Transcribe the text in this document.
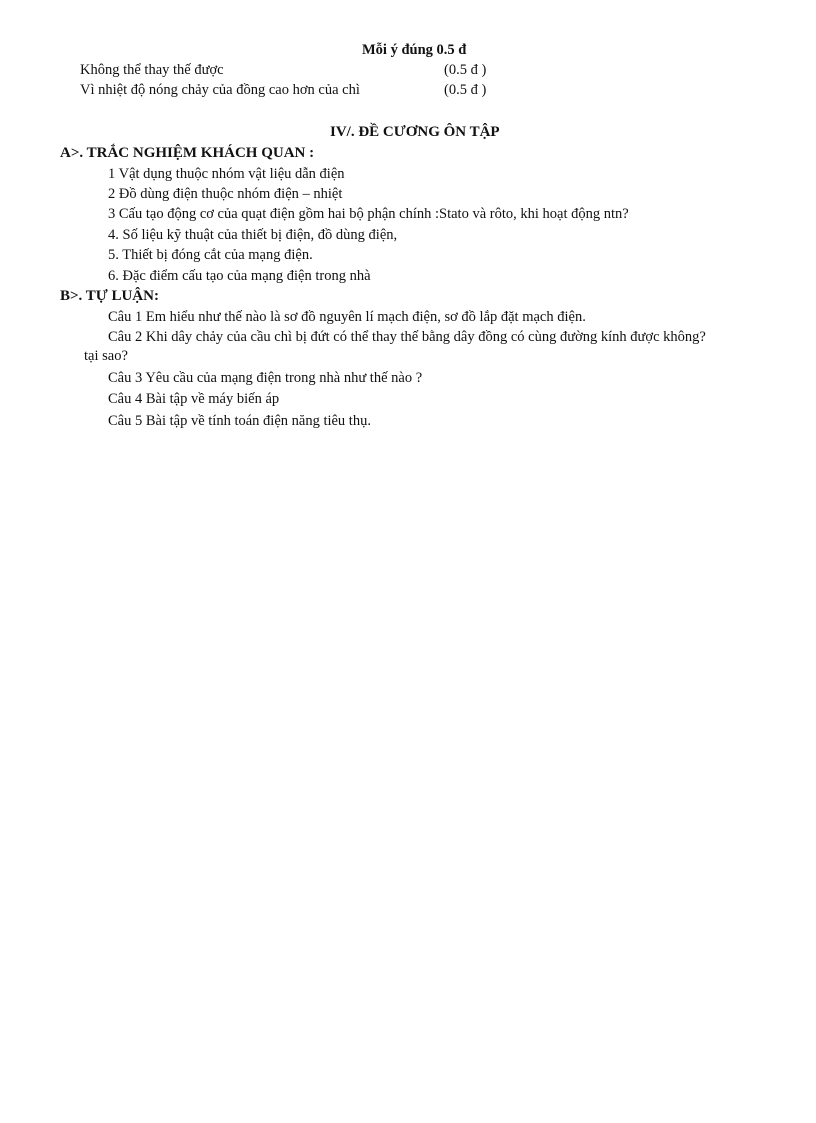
Mỗi ý đúng 0.5 đ
Không thể thay thế được	(0.5 đ )
Vì nhiệt độ nóng chảy của đồng cao hơn của chì	(0.5 đ )
IV/. ĐỀ CƯƠNG ÔN TẬP
A>. TRẮC NGHIỆM KHÁCH QUAN :
1 Vật dụng thuộc nhóm vật liệu dẫn điện
2 Đồ dùng điện thuộc nhóm điện – nhiệt
3 Cấu tạo động cơ của quạt điện gồm hai bộ phận chính :Stato và rôto, khi hoạt động ntn?
4. Số liệu kỹ thuật của thiết bị điện, đồ dùng điện,
5. Thiết bị đóng cắt của mạng điện.
6. Đặc điểm cấu tạo của mạng điện trong nhà
B>. TỰ LUẬN:
Câu 1 Em hiểu như thế nào là sơ đồ nguyên lí mạch điện, sơ đồ lắp đặt mạch điện.
Câu 2 Khi dây chảy của cầu chì bị đứt có thể thay thế bằng dây đồng có cùng đường kính được không?
tại sao?
Câu 3 Yêu cầu của mạng điện trong nhà như thế nào ?
Câu 4 Bài tập về máy biến áp
Câu 5 Bài tập về tính toán điện năng tiêu thụ.
